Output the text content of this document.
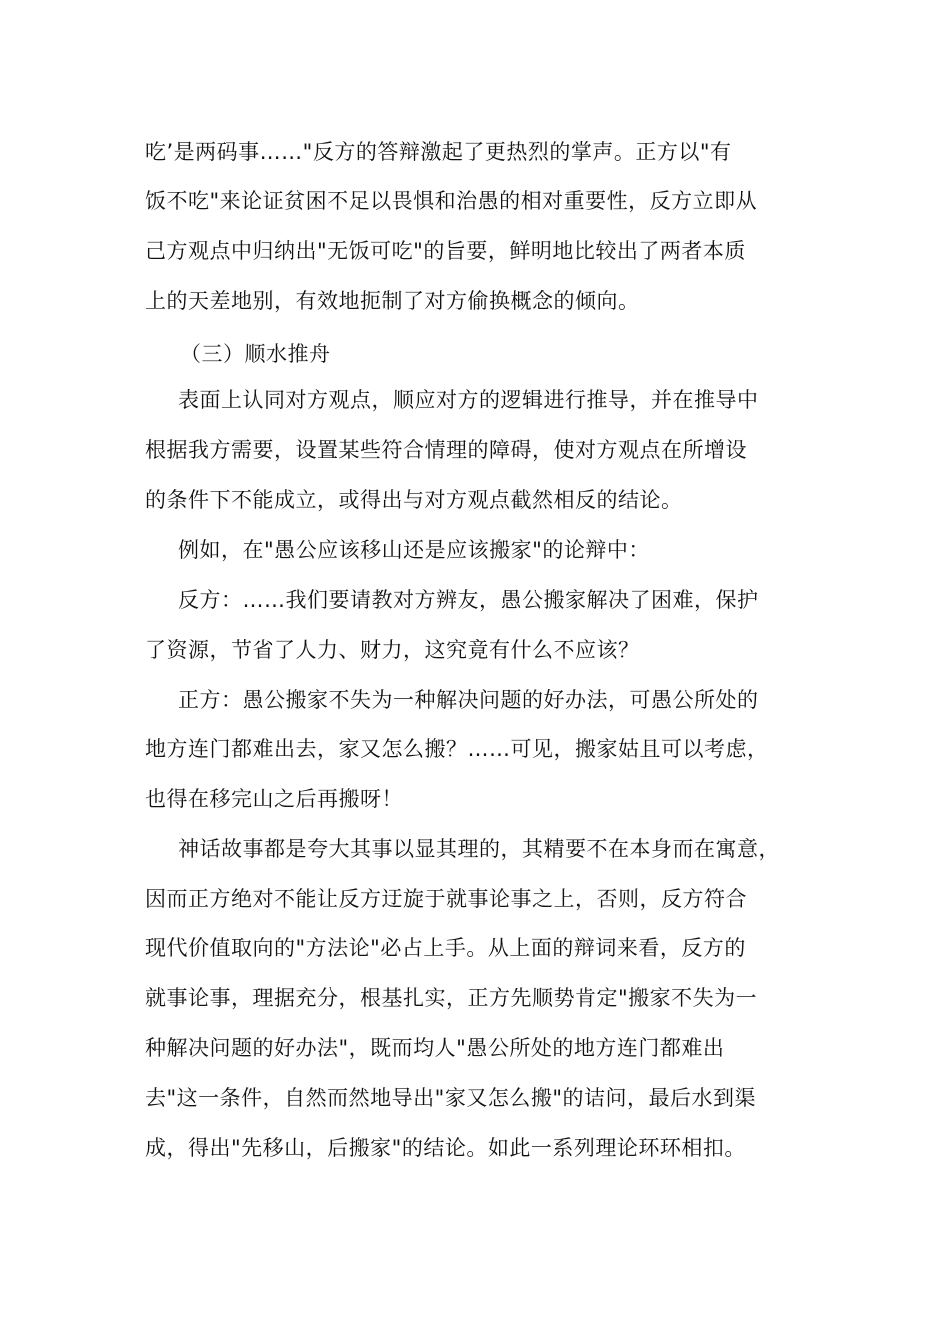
吃’是两码事……"反方的答辩激起了更热烈的掌声。正方以"有
饭不吃"来论证贫困不足以畏惧和治愚的相对重要性，反方立即从
己方观点中归纳出"无饭可吃"的旨要，鲜明地比较出了两者本质
上的天差地别，有效地扼制了对方偷换概念的倾向。
（三）顺水推舟
表面上认同对方观点，顺应对方的逻辑进行推导，并在推导中
根据我方需要，设置某些符合情理的障碍，使对方观点在所增设
的条件下不能成立，或得出与对方观点截然相反的结论。
例如，在"愚公应该移山还是应该搬家"的论辩中：
反方：……我们要请教对方辨友，愚公搬家解决了困难，保护
了资源，节省了人力、财力，这究竟有什么不应该？
正方：愚公搬家不失为一种解决问题的好办法，可愚公所处的
地方连门都难出去，家又怎么搬？……可见，搬家姑且可以考虑，
也得在移完山之后再搬呀！
神话故事都是夸大其事以显其理的，其精要不在本身而在寓意，
因而正方绝对不能让反方迂旋于就事论事之上，否则，反方符合
现代价值取向的"方法论"必占上手。从上面的辩词来看，反方的
就事论事，理据充分，根基扎实，正方先顺势肯定"搬家不失为一
种解决问题的好办法"，既而均人"愚公所处的地方连门都难出
去"这一条件，自然而然地导出"家又怎么搬"的诘问，最后水到渠
成，得出"先移山，后搬家"的结论。如此一系列理论环环相扣。
